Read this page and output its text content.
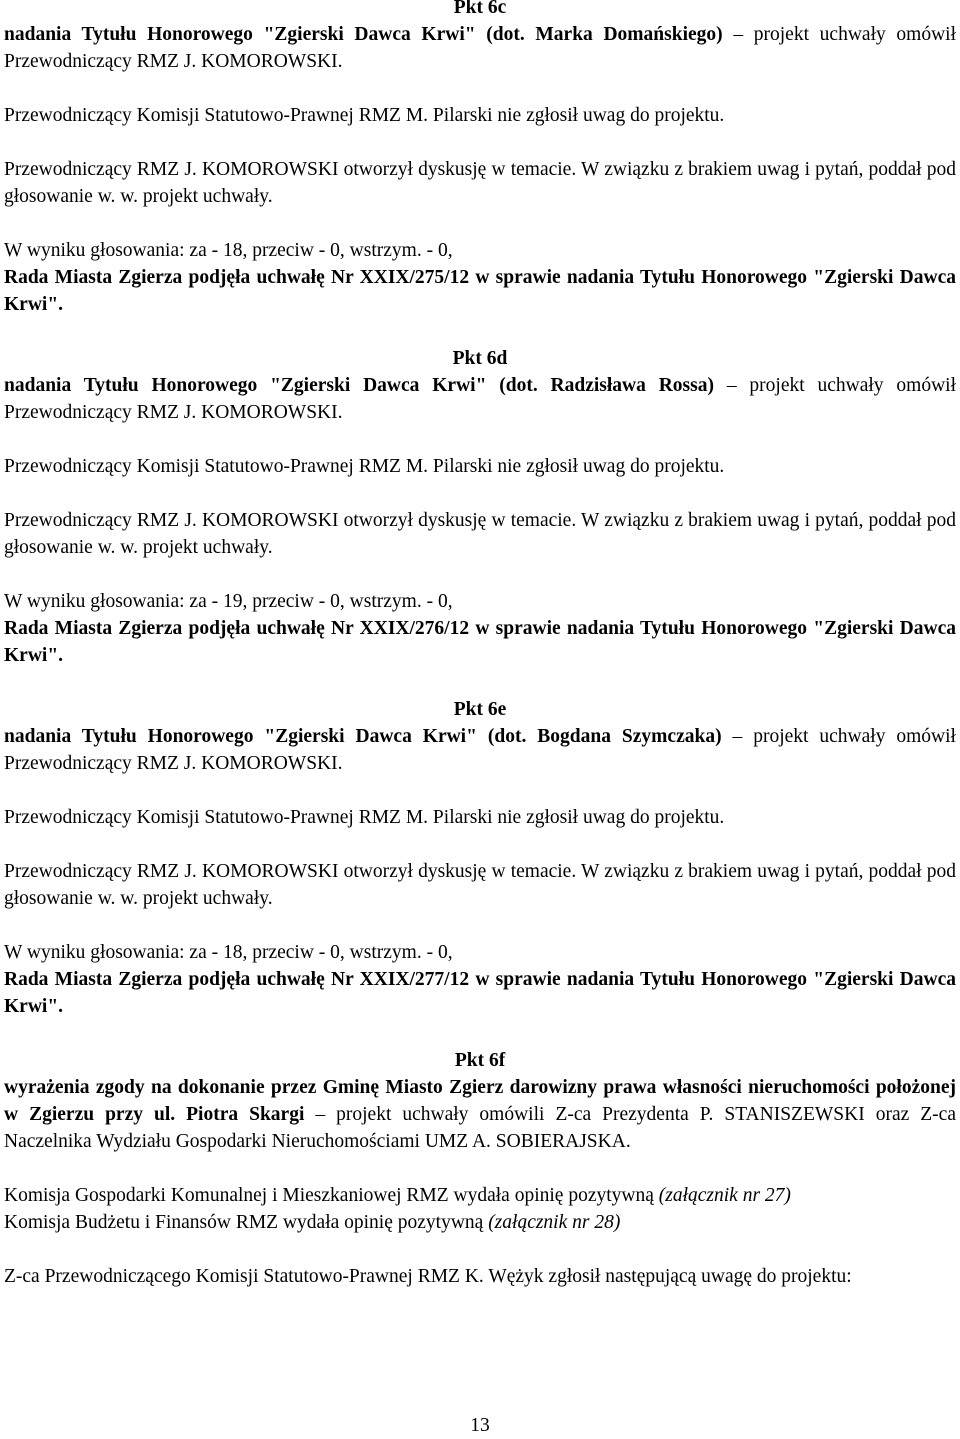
Pkt 6c

nadania Tytułu Honorowego "Zgierski Dawca Krwi" (dot. Marka Domańskiego) – projekt uchwały omówił Przewodniczący RMZ J. KOMOROWSKI.

Przewodniczący Komisji Statutowo-Prawnej RMZ M. Pilarski nie zgłosił uwag do projektu.

Przewodniczący RMZ J. KOMOROWSKI otworzył dyskusję w temacie. W związku z brakiem uwag i pytań, poddał pod głosowanie w. w. projekt uchwały.

W wyniku głosowania: za - 18, przeciw - 0, wstrzym. - 0,

Rada Miasta Zgierza podjęła uchwałę Nr XXIX/275/12 w sprawie nadania Tytułu Honorowego "Zgierski Dawca Krwi".

Pkt 6d

nadania Tytułu Honorowego "Zgierski Dawca Krwi" (dot. Radzisława Rossa) – projekt uchwały omówił Przewodniczący RMZ J. KOMOROWSKI.

Przewodniczący Komisji Statutowo-Prawnej RMZ M. Pilarski nie zgłosił uwag do projektu.

Przewodniczący RMZ J. KOMOROWSKI otworzył dyskusję w temacie. W związku z brakiem uwag i pytań, poddał pod głosowanie w. w. projekt uchwały.

W wyniku głosowania: za - 19, przeciw - 0, wstrzym. - 0,

Rada Miasta Zgierza podjęła uchwałę Nr XXIX/276/12 w sprawie nadania Tytułu Honorowego "Zgierski Dawca Krwi".

Pkt 6e

nadania Tytułu Honorowego "Zgierski Dawca Krwi" (dot. Bogdana Szymczaka) – projekt uchwały omówił Przewodniczący RMZ J. KOMOROWSKI.

Przewodniczący Komisji Statutowo-Prawnej RMZ M. Pilarski nie zgłosił uwag do projektu.

Przewodniczący RMZ J. KOMOROWSKI otworzył dyskusję w temacie. W związku z brakiem uwag i pytań, poddał pod głosowanie w. w. projekt uchwały.

W wyniku głosowania: za - 18, przeciw - 0, wstrzym. - 0,

Rada Miasta Zgierza podjęła uchwałę Nr XXIX/277/12 w sprawie nadania Tytułu Honorowego "Zgierski Dawca Krwi".

Pkt 6f

wyrażenia zgody na dokonanie przez Gminę Miasto Zgierz darowizny prawa własności nieruchomości położonej w Zgierzu przy ul. Piotra Skargi – projekt uchwały omówili Z-ca Prezydenta P. STANISZEWSKI oraz Z-ca Naczelnika Wydziału Gospodarki Nieruchomościami UMZ A. SOBIERAJSKA.

Komisja Gospodarki Komunalnej i Mieszkaniowej RMZ wydała opinię pozytywną (załącznik nr 27)

Komisja Budżetu i Finansów RMZ wydała opinię pozytywną (załącznik nr 28)

Z-ca Przewodniczącego Komisji Statutowo-Prawnej RMZ K. Wężyk zgłosił następującą uwagę do projektu:

13
